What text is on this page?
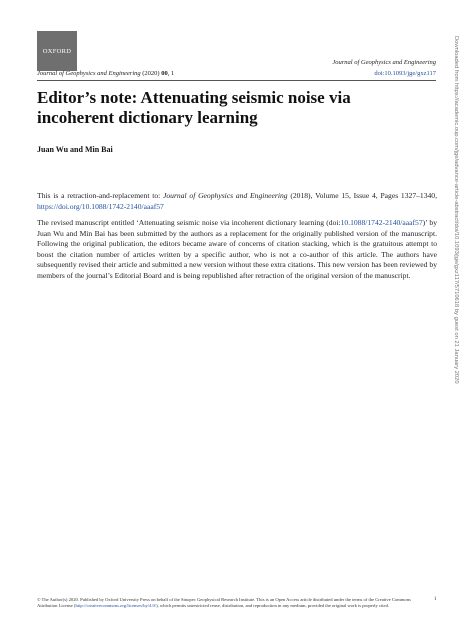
OXFORD
Journal of Geophysics and Engineering
Journal of Geophysics and Engineering (2020) 00, 1	doi:10.1093/jge/gxz117
Editor’s note: Attenuating seismic noise via incoherent dictionary learning
Juan Wu and Min Bai

This is a retraction-and-replacement to: Journal of Geophysics and Engineering (2018), Volume 15, Issue 4, Pages 1327–1340, https://doi.org/10.1088/1742-2140/aaaf57

The revised manuscript entitled ‘Attenuating seismic noise via incoherent dictionary learning (doi:10.1088/1742-2140/aaaf57)’ by Juan Wu and Min Bai has been submitted by the authors as a replacement for the originally published version of the manuscript. Following the original publication, the editors became aware of concerns of citation stacking, which is the gratuitous attempt to boost the citation number of articles written by a specific author, who is not a co-author of this article. The authors have subsequently revised their article and submitted a new version without these extra citations. This new version has been reviewed by members of the journal’s Editorial Board and is being republished after retraction of the original version of the manuscript.

© The Author(s) 2020. Published by Oxford University Press on behalf of the Sinopec Geophysical Research Institute. This is an Open Access article distributed under the terms of the Creative Commons Attribution License (http://creativecommons.org/licenses/by/4.0/), which permits unrestricted reuse, distribution, and reproduction in any medium, provided the original work is properly cited.
1
Downloaded from https://academic.oup.com/jge/advance-article-abstract/doi/10.1093/jge/gxz117/5710618 by guest on 21 January 2020
